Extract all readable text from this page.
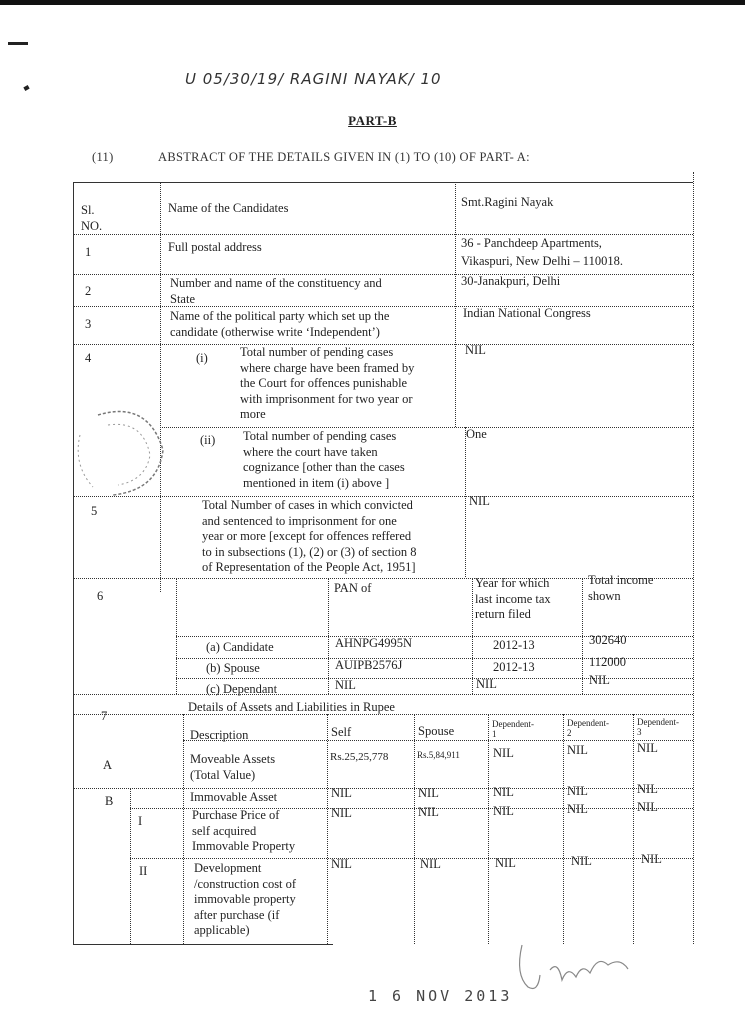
U 05/30/19/ RAGINI NAYAK/ 10
PART-B
(11)	ABSTRACT OF THE DETAILS GIVEN IN (1) TO (10) OF PART- A:
Sl.
NO.
Name of the Candidates	Smt.Ragini Nayak
1	Full postal address	36 - Panchdeep Apartments,
Vikaspuri, New Delhi – 110018.
2
Number and name of the constituency and
State
30-Janakpuri, Delhi
3
Name of the political party which set up the
candidate (otherwise write ‘Independent’)
Indian National Congress
4	(i)	Total number of pending cases
where charge have been framed by
the Court for offences punishable
with imprisonment for two year or
more
NIL
(ii) Total number of pending cases
where the court have taken
cognizance [other than the cases
mentioned in item (i) above ]
One
5	Total Number of cases in which convicted
and sentenced to imprisonment for one
year or more [except for offences reffered
to in subsections (1), (2) or (3) of section 8
of Representation of the People Act, 1951]
NIL
6
PAN of	Year for which
last income tax
return filed
Total income
shown
(a) Candidate	AHNPG4995N	2012-13	302640
(b) Spouse	AUIPB2576J	2012-13	112000
(c) Dependant	NIL	NIL	NIL
7
Details of Assets and Liabilities in Rupee
Description	Self	Spouse	Dependent-
1
Dependent-
2
Dependent-
3
A	Moveable Assets
(Total Value)
Rs.25,25,778	Rs.5,84,911	NIL	NIL	NIL
B	Immovable Asset	NIL	NIL	NIL	NIL	NIL
I	Purchase Price of
self acquired
Immovable Property
NIL	NIL	NIL	NIL	NIL
II	Development
/construction cost of
immovable property
after purchase (if
applicable)
NIL	NIL	NIL	NIL	NIL
1 6 NOV 2013
